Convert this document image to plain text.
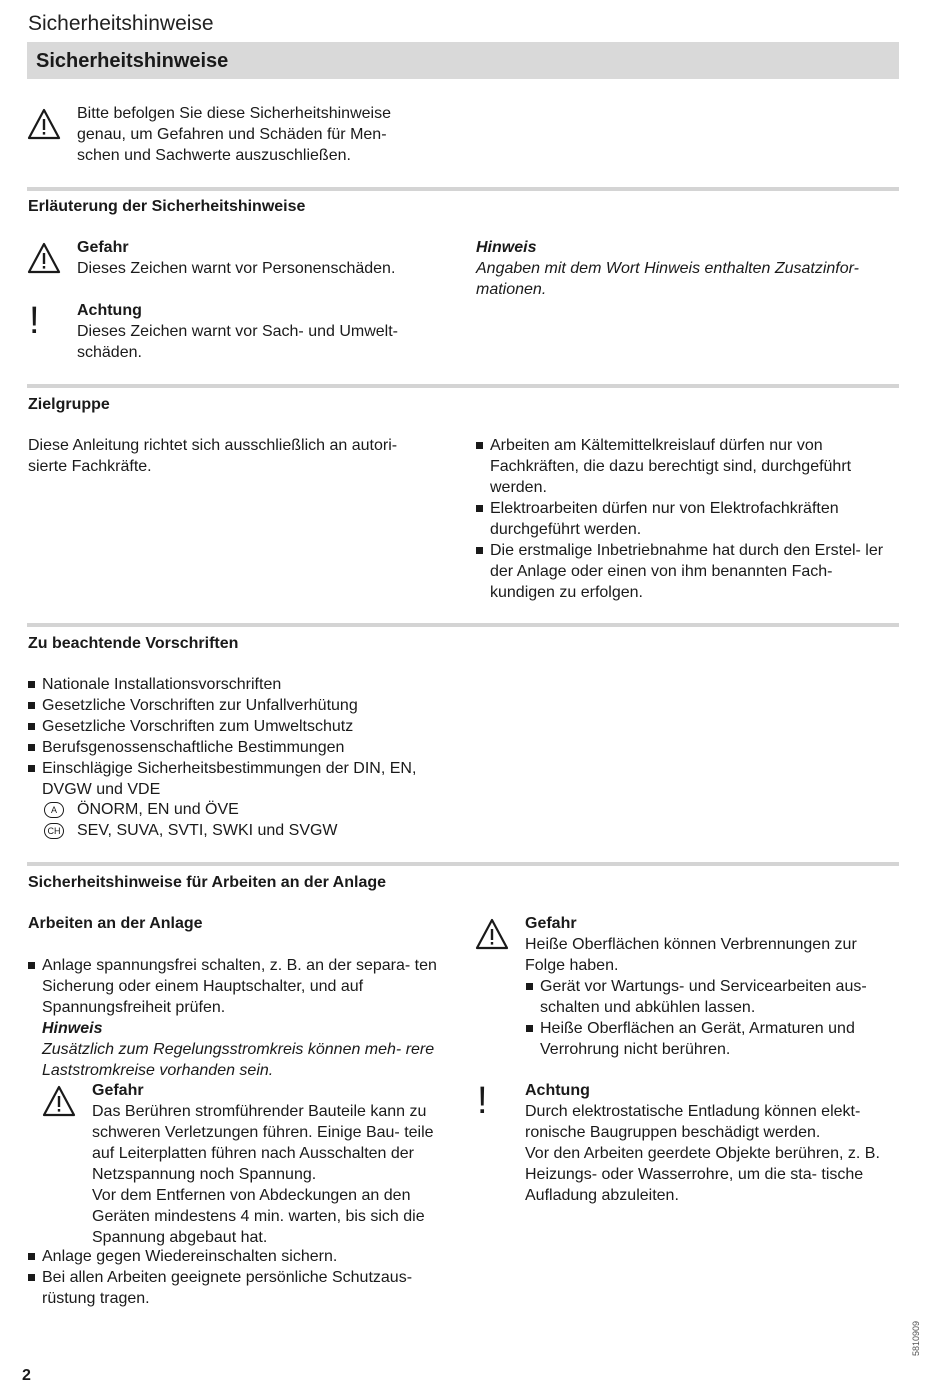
Sicherheitshinweise
Sicherheitshinweise
Bitte befolgen Sie diese Sicherheitshinweise genau, um Gefahren und Schäden für Men- schen und Sachwerte auszuschließen.
Erläuterung der Sicherheitshinweise
Gefahr
Dieses Zeichen warnt vor Personenschäden.
! Achtung
Dieses Zeichen warnt vor Sach- und Umwelt- schäden.
Hinweis
Angaben mit dem Wort Hinweis enthalten Zusatzinfor- mationen.
Zielgruppe
Diese Anleitung richtet sich ausschließlich an autori- sierte Fachkräfte.
Arbeiten am Kältemittelkreislauf dürfen nur von Fachkräften, die dazu berechtigt sind, durchgeführt werden.
Elektroarbeiten dürfen nur von Elektrofachkräften durchgeführt werden.
Die erstmalige Inbetriebnahme hat durch den Erstel- ler der Anlage oder einen von ihm benannten Fach- kundigen zu erfolgen.
Zu beachtende Vorschriften
Nationale Installationsvorschriften
Gesetzliche Vorschriften zur Unfallverhütung
Gesetzliche Vorschriften zum Umweltschutz
Berufsgenossenschaftliche Bestimmungen
Einschlägige Sicherheitsbestimmungen der DIN, EN, DVGW und VDE
A	ÖNORM, EN und ÖVE
CH SEV, SUVA, SVTI, SWKI und SVGW
Sicherheitshinweise für Arbeiten an der Anlage
Arbeiten an der Anlage
Anlage spannungsfrei schalten, z. B. an der separa- ten Sicherung oder einem Hauptschalter, und auf Spannungsfreiheit prüfen.
Hinweis
Zusätzlich zum Regelungsstromkreis können meh- rere Laststromkreise vorhanden sein.
Gefahr
Das Berühren stromführender Bauteile kann zu schweren Verletzungen führen. Einige Bau- teile auf Leiterplatten führen nach Ausschalten der Netzspannung noch Spannung.
Vor dem Entfernen von Abdeckungen an den Geräten mindestens 4 min. warten, bis sich die Spannung abgebaut hat.
Anlage gegen Wiedereinschalten sichern.
Bei allen Arbeiten geeignete persönliche Schutzaus- rüstung tragen.
Gefahr
Heiße Oberflächen können Verbrennungen zur Folge haben.
Gerät vor Wartungs- und Servicearbeiten aus- schalten und abkühlen lassen.
Heiße Oberflächen an Gerät, Armaturen und Verrohrung nicht berühren.
! Achtung
Durch elektrostatische Entladung können elekt- ronische Baugruppen beschädigt werden.
Vor den Arbeiten geerdete Objekte berühren, z. B. Heizungs- oder Wasserrohre, um die sta- tische Aufladung abzuleiten.
5810909
2
